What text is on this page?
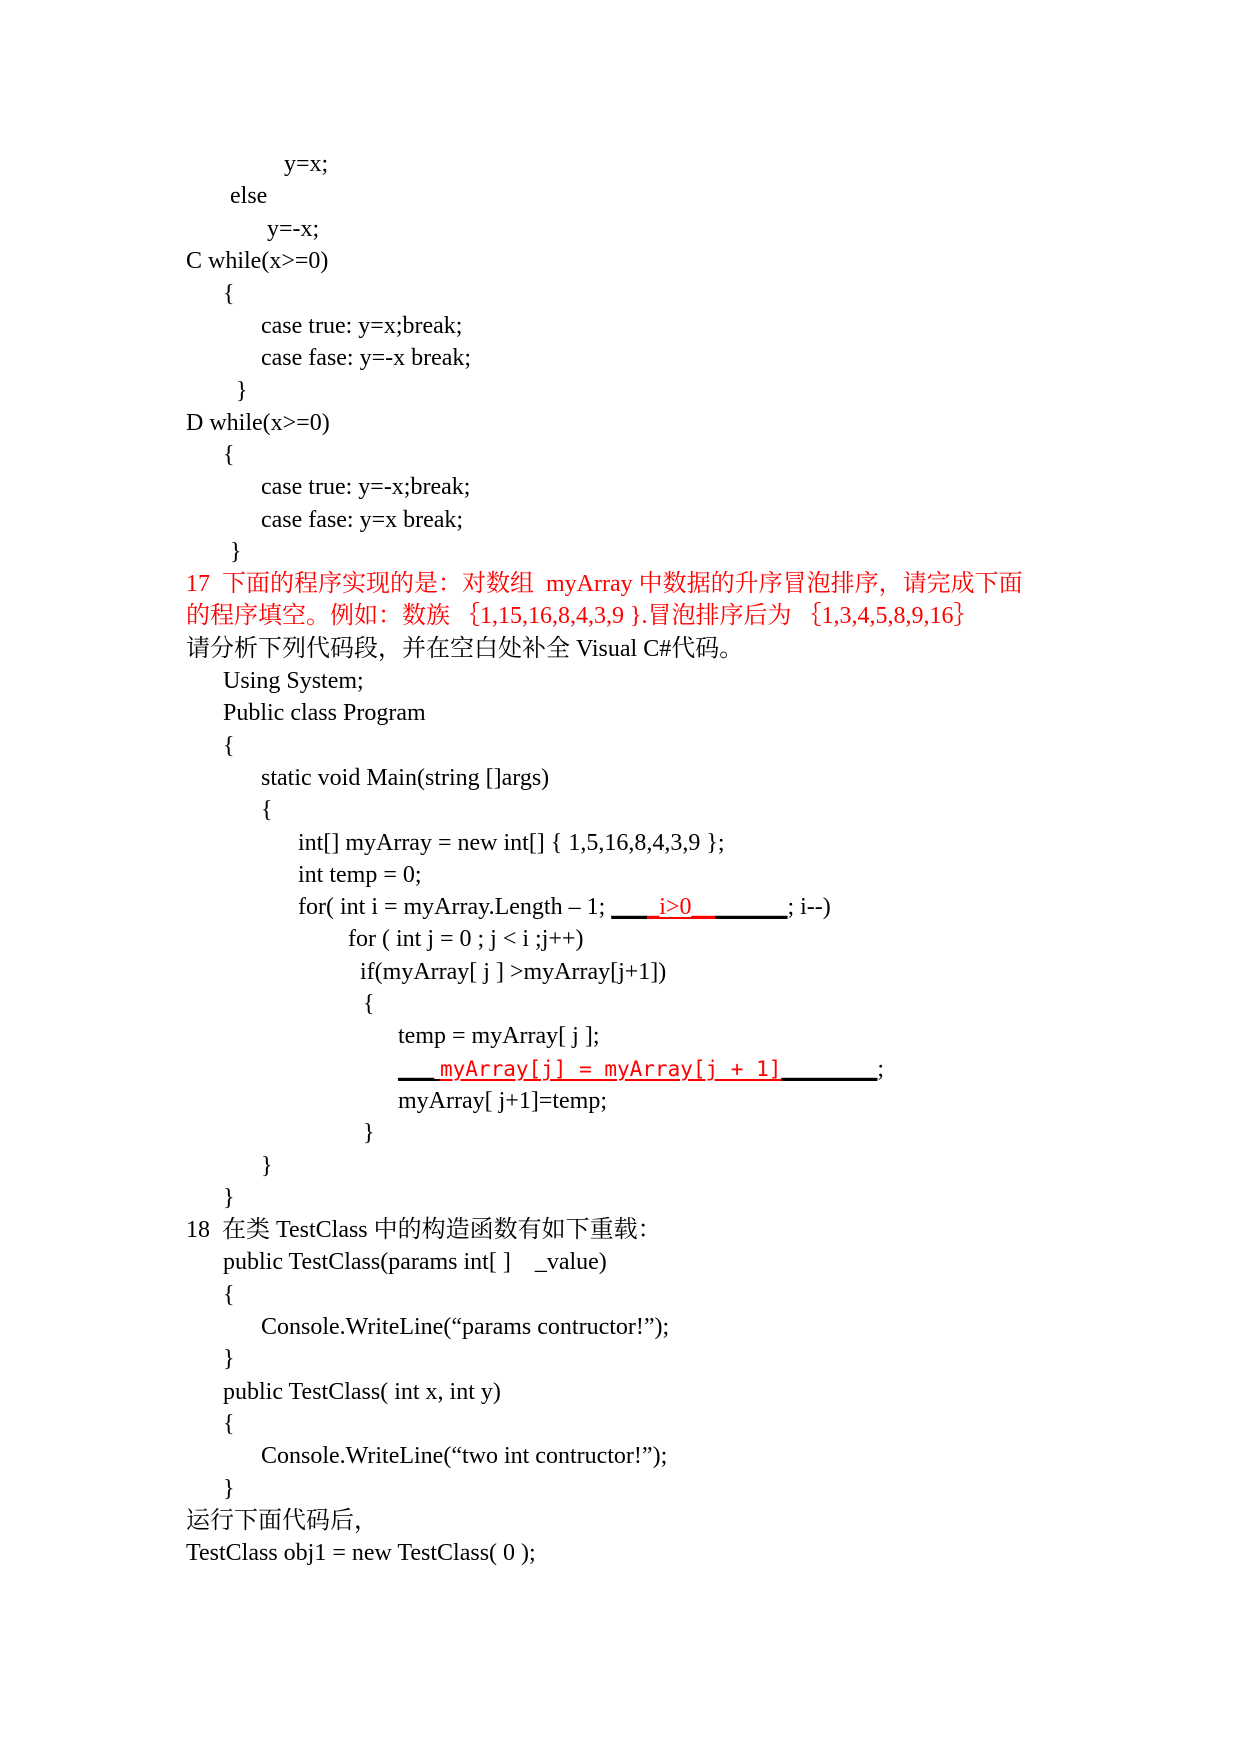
y=x;
else
y=-x;
C while(x>=0)
{
case true: y=x;break;
case fase: y=-x break;
}
D while(x>=0)
{
case true: y=-x;break;
case fase: y=x break;
}
17  下面的程序实现的是：对数组  myArray 中数据的升序冒泡排序，请完成下面
的程序填空。例如：数族 ｛1,15,16,8,4,3,9 }.冒泡排序后为 ｛1,3,4,5,8,9,16｝
请分析下列代码段，并在空白处补全 Visual C#代码。
Using System;
Public class Program
{
static void Main(string []args)
{
int[] myArray = new int[] { 1,5,16,8,4,3,9 };
int temp = 0;
for( int i = myArray.Length – 1; ____i>0________; i--)
for ( int j = 0 ; j < i ;j++)
if(myArray[ j ] >myArray[j+1])
{
temp = myArray[ j ];
___ myArray[j] = myArray[j + 1]________;
myArray[ j+1]=temp;
}
}
}
18  在类 TestClass 中的构造函数有如下重载：
public TestClass(params int[ ]    _value)
{
Console.WriteLine(“params contructor!”);
}
public TestClass( int x, int y)
{
Console.WriteLine(“two int contructor!”);
}
运行下面代码后，
TestClass obj1 = new TestClass( 0 );
